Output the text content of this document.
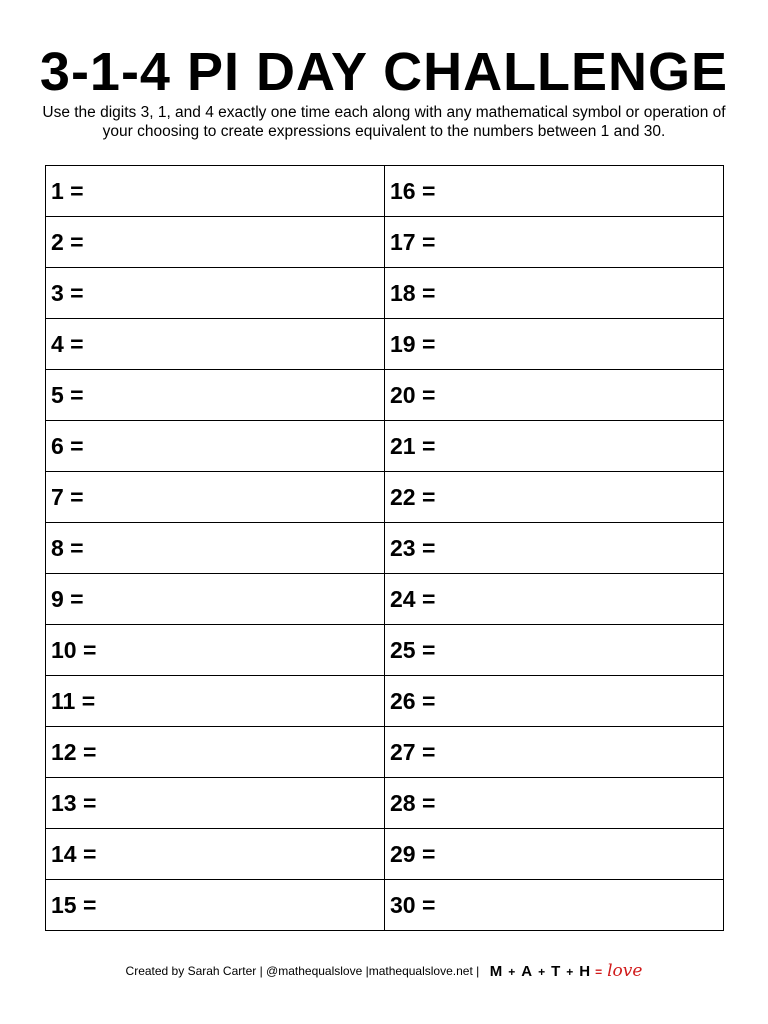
3-1-4 PI DAY CHALLENGE
Use the digits 3, 1, and 4 exactly one time each along with any mathematical symbol or operation of your choosing to create expressions equivalent to the numbers between 1 and 30.
1 =	16 =
2 =	17 =
3 =	18 =
4 =	19 =
5 =	20 =
6 =	21 =
7 =	22 =
8 =	23 =
9 =	24 =
10 =	25 =
11 =	26 =
12 =	27 =
13 =	28 =
14 =	29 =
15 =	30 =
Created by Sarah Carter | @mathequalslove |mathequalslove.net | M + A + T + H = love
